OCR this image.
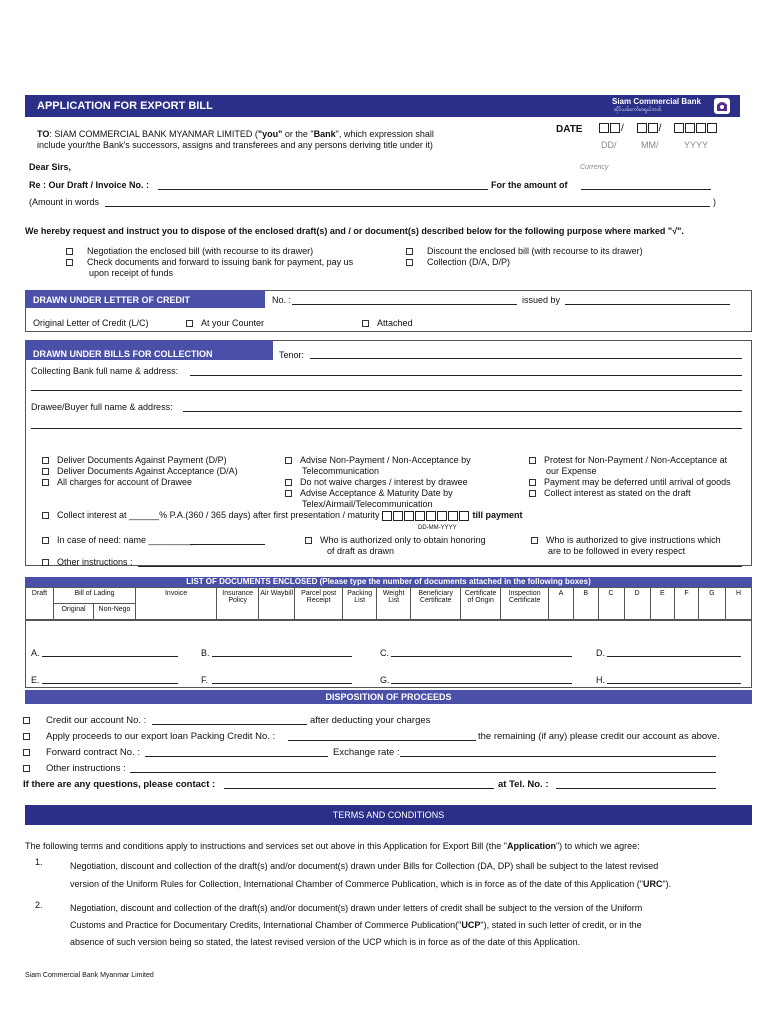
APPLICATION FOR EXPORT BILL	Siam Commercial Bank
ဆိုင်ယမ်ကော်မာရှယ်ဘဏ်
TO: SIAM COMMERCIAL BANK MYANMAR LIMITED ("you" or the "Bank", which expression shall
include your/the Bank's successors, assigns and transferees and any persons deriving title under it)
DATE	/	/
DD/	MM/	YYYY
Dear Sirs,	Currency
Re : Our Draft / Invoice No. :	For the amount of
(Amount in words	)
We hereby request and instruct you to dispose of the enclosed draft(s) and / or document(s) described below for the following purpose where marked "√".
Negotiation the enclosed bill (with recourse to its drawer)
Check documents and forward to issuing bank for payment, pay us
upon receipt of funds
Discount the enclosed bill (with recourse to its drawer)
Collection (D/A, D/P)
DRAWN UNDER LETTER OF CREDIT	No. :	issued by
Original Letter of Credit (L/C)	At your Counter	Attached
DRAWN UNDER BILLS FOR COLLECTION	Tenor:
Collecting Bank full name & address:
Drawee/Buyer full name & address:
Deliver Documents Against Payment (D/P)
Deliver Documents Against Acceptance (D/A)
All charges for account of Drawee
Advise Non-Payment / Non-Acceptance by
Telecommunication
Do not waive charges / interest by drawee
Advise Acceptance & Maturity Date by
Telex/Airmail/Telecommunication
Protest for Non-Payment / Non-Acceptance at
our Expense
Payment may be deferred until arrival of goods
Collect interest as stated on the draft
Collect interest at ______% P.A.(360 / 365 days) after first presentation / maturity	till payment
DD-MM-YYYY
In case of need: name _________	Who is authorized only to obtain honoring
of draft as drawn
Who is authorized to give instructions which
are to be followed in every respect
Other instructions :
LIST OF DOCUMENTS ENCLOSED (Please type the number of documents attached in the following boxes)
Draft	Bill of Lading		Invoice	Insurance Policy	Air Waybill	Parcel post Receipt	Packing List	Weight List	Beneficiary Certificate	Certificate of Origin	Inspection Certificate	A	B	C	D	E	F	G	H
	Original	Non-Nego																	
A.	B.	C.	D.
E.	F.	G.	H.
DISPOSITION OF PROCEEDS
Credit our account No. :	after deducting your charges
Apply proceeds to our export loan Packing Credit No. :	the remaining (if any) please credit our account as above.
Forward contract No. :	Exchange rate :
Other instructions :
If there are any questions, please contact :	at Tel. No. :
TERMS AND CONDITIONS
The following terms and conditions apply to instructions and services set out above in this Application for Export Bill (the "Application") to which we agree:
1.	Negotiation, discount and collection of the draft(s) and/or document(s) drawn under Bills for Collection (DA, DP) shall be subject to the latest revised
version of the Uniform Rules for Collection, International Chamber of Commerce Publication, which is in force as of the date of this Application ("URC").
2.	Negotiation, discount and collection of the draft(s) and/or document(s) drawn under letters of credit shall be subject to the version of the Uniform
Customs and Practice for Documentary Credits, International Chamber of Commerce Publication("UCP"), stated in such letter of credit, or in the
absence of such version being so stated, the latest revised version of the UCP which is in force as of the date of this Application.
Siam Commercial Bank Myanmar Limited
